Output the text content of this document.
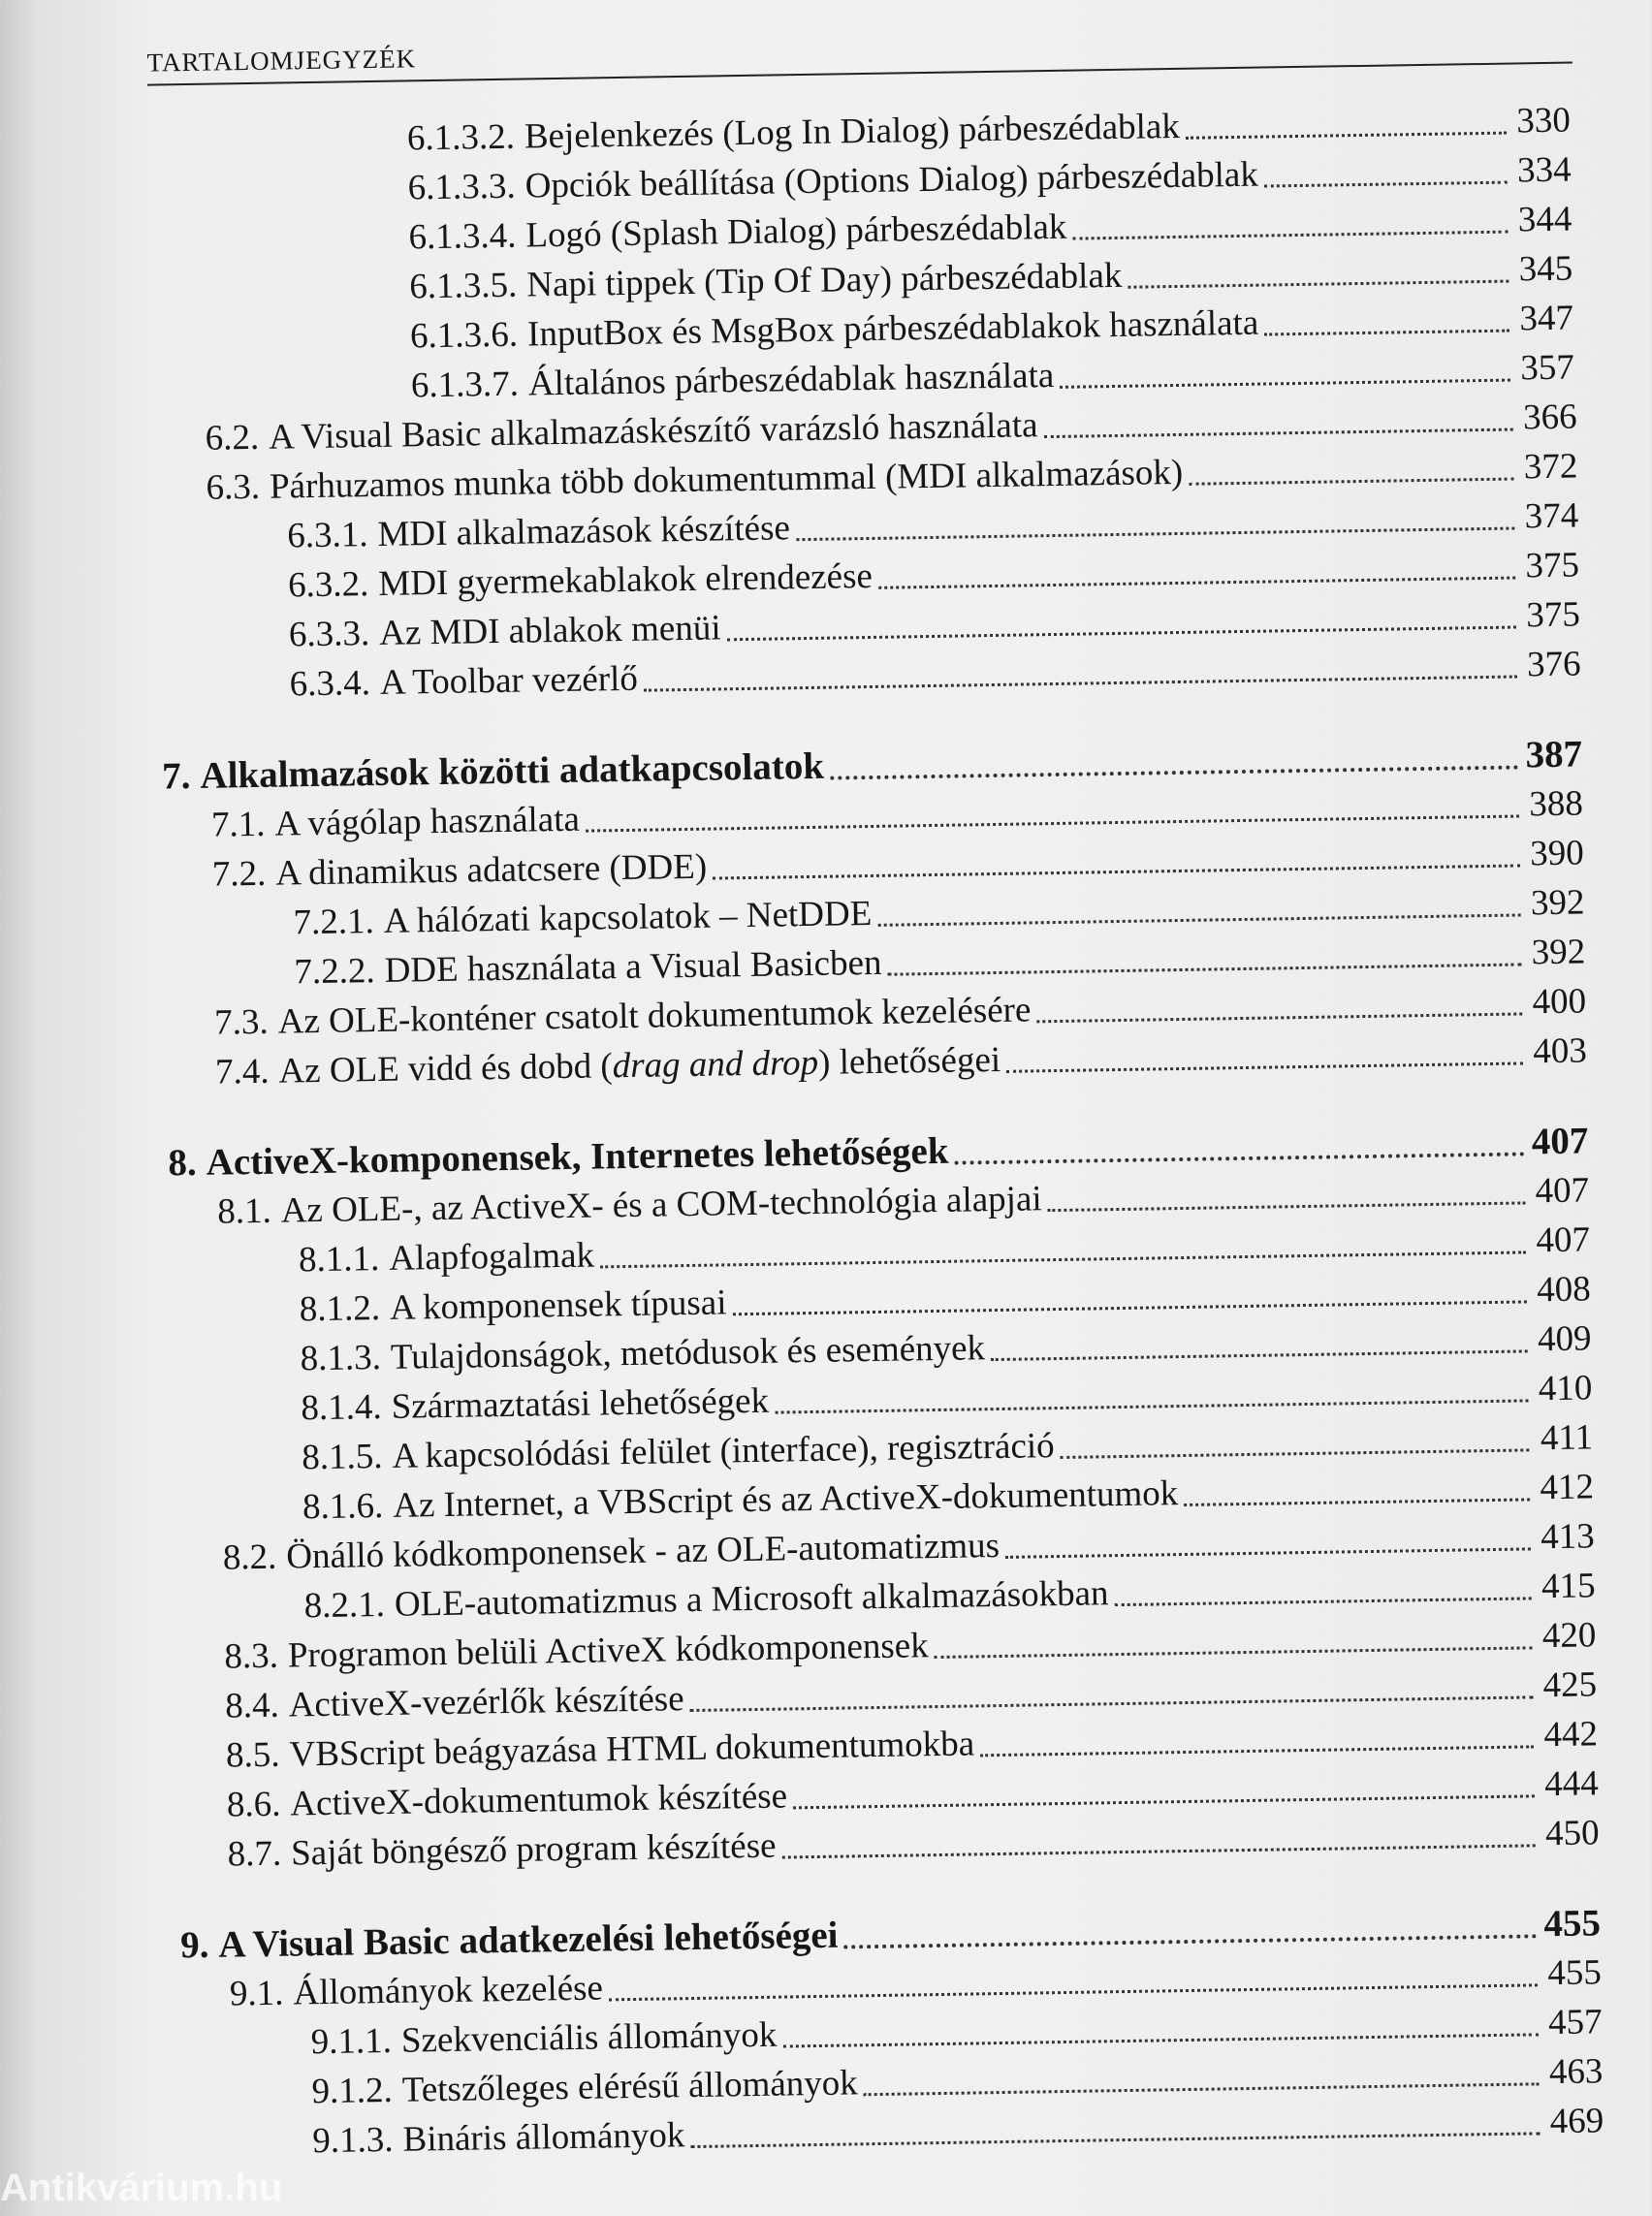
TARTALOMJEGYZÉK
6.1.3.2. Bejelenkezés (Log In Dialog) párbeszédablak	330
6.1.3.3. Opciók beállítása (Options Dialog) párbeszédablak	334
6.1.3.4. Logó (Splash Dialog) párbeszédablak	344
6.1.3.5. Napi tippek (Tip Of Day) párbeszédablak	345
6.1.3.6. InputBox és MsgBox párbeszédablakok használata	347
6.1.3.7. Általános párbeszédablak használata	357
6.2. A Visual Basic alkalmazáskészítő varázsló használata	366
6.3. Párhuzamos munka több dokumentummal (MDI alkalmazások)	372
6.3.1. MDI alkalmazások készítése	374
6.3.2. MDI gyermekablakok elrendezése	375
6.3.3. Az MDI ablakok menüi	375
6.3.4. A Toolbar vezérlő	376
7. Alkalmazások közötti adatkapcsolatok	387
7.1. A vágólap használata	388
7.2. A dinamikus adatcsere (DDE)	390
7.2.1. A hálózati kapcsolatok – NetDDE	392
7.2.2. DDE használata a Visual Basicben	392
7.3. Az OLE-konténer csatolt dokumentumok kezelésére	400
7.4. Az OLE vidd és dobd (drag and drop) lehetőségei	403
8. ActiveX-komponensek, Internetes lehetőségek	407
8.1. Az OLE-, az ActiveX- és a COM-technológia alapjai	407
8.1.1. Alapfogalmak	407
8.1.2. A komponensek típusai	408
8.1.3. Tulajdonságok, metódusok és események	409
8.1.4. Származtatási lehetőségek	410
8.1.5. A kapcsolódási felület (interface), regisztráció	411
8.1.6. Az Internet, a VBScript és az ActiveX-dokumentumok	412
8.2. Önálló kódkomponensek - az OLE-automatizmus	413
8.2.1. OLE-automatizmus a Microsoft alkalmazásokban	415
8.3. Programon belüli ActiveX kódkomponensek	420
8.4. ActiveX-vezérlők készítése	425
8.5. VBScript beágyazása HTML dokumentumokba	442
8.6. ActiveX-dokumentumok készítése	444
8.7. Saját böngésző program készítése	450
9. A Visual Basic adatkezelési lehetőségei	455
9.1. Állományok kezelése	455
9.1.1. Szekvenciális állományok	457
9.1.2. Tetszőleges elérésű állományok	463
9.1.3. Bináris állományok	469
Antikvárium.hu
